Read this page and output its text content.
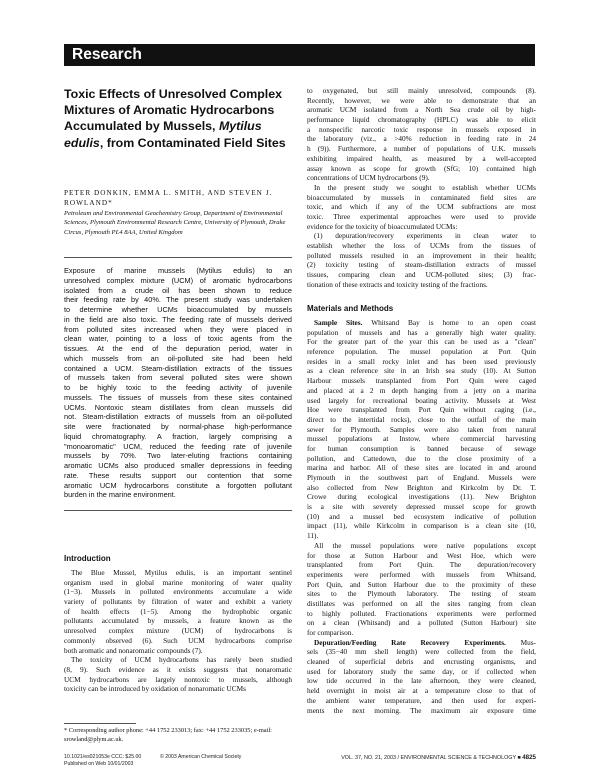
Research
Toxic Effects of Unresolved Complex Mixtures of Aromatic Hydrocarbons Accumulated by Mussels, Mytilus edulis, from Contaminated Field Sites
PETER DONKIN, EMMA L. SMITH, AND STEVEN J. ROWLAND*
Petroleum and Environmental Geochemistry Group, Department of Environmental Sciences, Plymouth Environmental Research Centre, University of Plymouth, Drake Circus, Plymouth PL4 8AA, United Kingdom
Exposure of marine mussels (Mytilus edulis) to an
unresolved complex mixture (UCM) of aromatic hydrocarbons
isolated from a crude oil has been shown to reduce
their feeding rate by 40%. The present study was undertaken
to determine whether UCMs bioaccumulated by mussels
in the field are also toxic. The feeding rate of mussels derived
from polluted sites increased when they were placed in
clean water, pointing to a loss of toxic agents from the
tissues. At the end of the depuration period, water in
which mussels from an oil-polluted site had been held
contained a UCM. Steam-distillation extracts of the tissues
of mussels taken from several polluted sites were shown
to be highly toxic to the feeding activity of juvenile
mussels. The tissues of mussels from these sites contained
UCMs. Nontoxic steam distillates from clean mussels did
not. Steam-distillation extracts of mussels from an oil-polluted
site were fractionated by normal-phase high-performance
liquid chromatography. A fraction, largely comprising a
"monoaromatic" UCM, reduced the feeding rate of juvenile
mussels by 70%. Two later-eluting fractions containing
aromatic UCMs also produced smaller depressions in feeding
rate. These results support our contention that some
aromatic UCM hydrocarbons constitute a forgotten pollutant
burden in the marine environment.
Introduction
The Blue Mussel, Mytilus edulis, is an important sentinel
organism used in global marine monitoring of water quality
(1−3). Mussels in polluted environments accumulate a wide
variety of pollutants by filtration of water and exhibit a variety
of health effects (1−5). Among the hydrophobic organic
pollutants accumulated by mussels, a feature known as the
unresolved complex mixture (UCM) of hydrocarbons is
commonly observed (6). Such UCM hydrocarbons comprise
both aromatic and nonaromatic compounds (7).
The toxicity of UCM hydrocarbons has rarely been studied
(8, 9). Such evidence as it exists suggests that nonaromatic
UCM hydrocarbons are largely nontoxic to mussels, although
toxicity can be introduced by oxidation of nonaromatic UCMs
* Corresponding author phone: +44 1752 233013; fax: +44 1752 233035; e-mail: srowland@plym.ac.uk.
to oxygenated, but still mainly unresolved, compounds (8).
Recently, however, we were able to demonstrate that an
aromatic UCM isolated from a North Sea crude oil by high-
performance liquid chromatography (HPLC) was able to elicit
a nonspecific narcotic toxic response in mussels exposed in
the laboratory (viz., a >40% reduction in feeding rate in 24
h (9)). Furthermore, a number of populations of U.K. mussels
exhibiting impaired health, as measured by a well-accepted
assay known as scope for growth (SfG; 10) contained high
concentrations of UCM hydrocarbons (9).
In the present study we sought to establish whether UCMs
bioaccumulated by mussels in contaminated field sites are
toxic, and which if any of the UCM subfractions are most
toxic. Three experimental approaches were used to provide
evidence for the toxicity of bioaccumulated UCMs:
(1) depuration/recovery experiments in clean water to
establish whether the loss of UCMs from the tissues of
polluted mussels resulted in an improvement in their health;
(2) toxicity testing of steam-distillation extracts of mussel
tissues, comparing clean and UCM-polluted sites; (3) frac-
tionation of these extracts and toxicity testing of the fractions.
Materials and Methods
Sample Sites. Whitsand Bay is home to an open coast
population of mussels and has a generally high water quality.
For the greater part of the year this can be used as a "clean"
reference population. The mussel population at Port Quin
resides in a small rocky inlet and has been used previously
as a clean reference site in an Irish sea study (10). At Sutton
Harbour mussels transplanted from Port Quin were caged
and placed at a 2 m depth hanging from a jetty on a marina
used largely for recreational boating activity. Mussels at West
Hoe were transplanted from Port Quin without caging (i.e.,
direct to the intertidal rocks), close to the outfall of the main
sewer for Plymouth. Samples were also taken from natural
mussel populations at Instow, where commercial harvesting
for human consumption is banned because of sewage
pollution, and Cattedown, due to the close proximity of a
marina and harbor. All of these sites are located in and around
Plymouth in the southwest part of England. Mussels were
also collected from New Brighton and Kirkcolm by Dr. T.
Crowe during ecological investigations (11). New Brighton
is a site with severely depressed mussel scope for growth
(10) and a mussel bed ecosystem indicative of pollution
impact (11), while Kirkcolm in comparison is a clean site (10,
11).
All the mussel populations were native populations except
for those at Sutton Harbour and West Hoe, which were
transplanted from Port Quin. The depuration/recovery
experiments were performed with mussels from Whitsand,
Port Quin, and Sutton Harbour due to the proximity of these
sites to the Plymouth laboratory. The testing of steam
distillates was performed on all the sites ranging from clean
to highly polluted. Fractionations experiments were performed
on a clean (Whitsand) and a polluted (Sutton Harbour) site
for comparison.
Depuration/Feeding Rate Recovery Experiments. Mus-
sels (35−40 mm shell length) were collected from the field,
cleaned of superficial debris and encrusting organisms, and
used for laboratory study the same day, or if collected when
low tide occurred in the late afternoon, they were cleaned,
held overnight in moist air at a temperature close to that of
the ambient water temperature, and then used for experi-
ments the next morning. The maximum air exposure time
10.1021/es021053e CCC: $25.00
Published on Web 10/01/2003
© 2003 American Chemical Society	VOL. 37, NO. 21, 2003 / ENVIRONMENTAL SCIENCE & TECHNOLOGY ■ 4825
